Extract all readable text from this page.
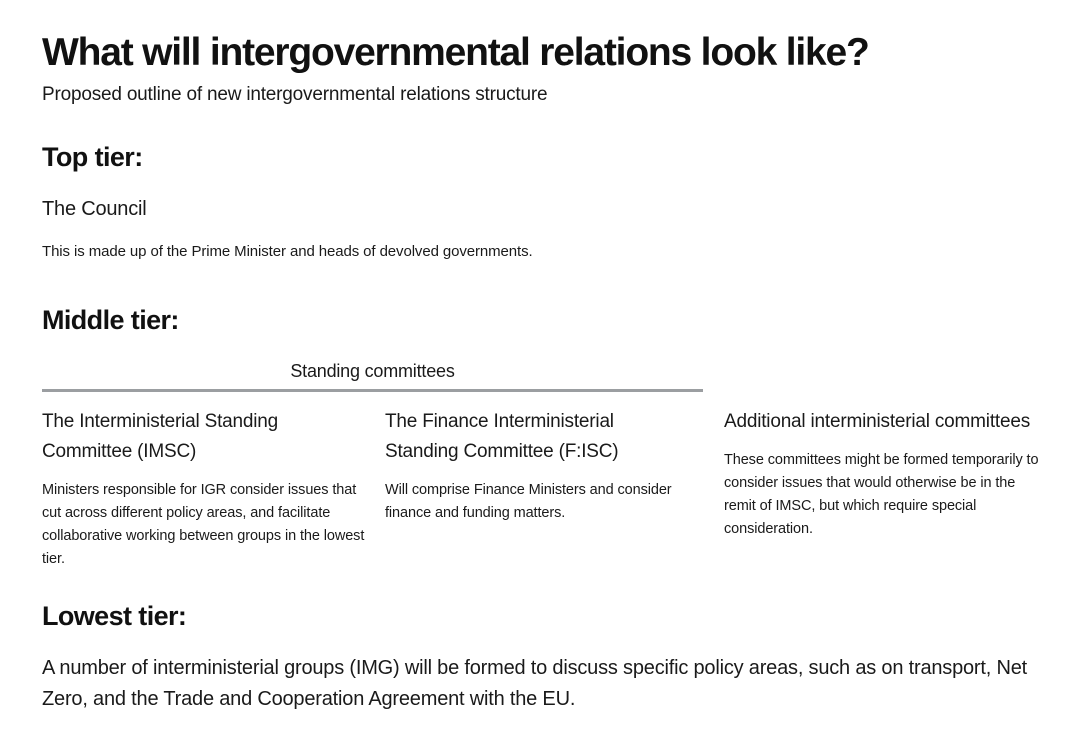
What will intergovernmental relations look like?

Proposed outline of new intergovernmental relations structure

Top tier:

The Council

This is made up of the Prime Minister and heads of devolved governments.

Middle tier:
Standing committees
The Interministerial Standing Committee (IMSC)

Ministers responsible for IGR consider issues that cut across different policy areas, and facilitate collaborative working between groups in the lowest tier.

The Finance Interministerial Standing Committee (F:ISC)

Will comprise Finance Ministers and consider finance and funding matters.

Additional interministerial committees

These committees might be formed temporarily to consider issues that would otherwise be in the remit of IMSC, but which require special consideration.

Lowest tier:

A number of interministerial groups (IMG) will be formed to discuss specific policy areas, such as on transport, Net Zero, and the Trade and Cooperation Agreement with the EU.
